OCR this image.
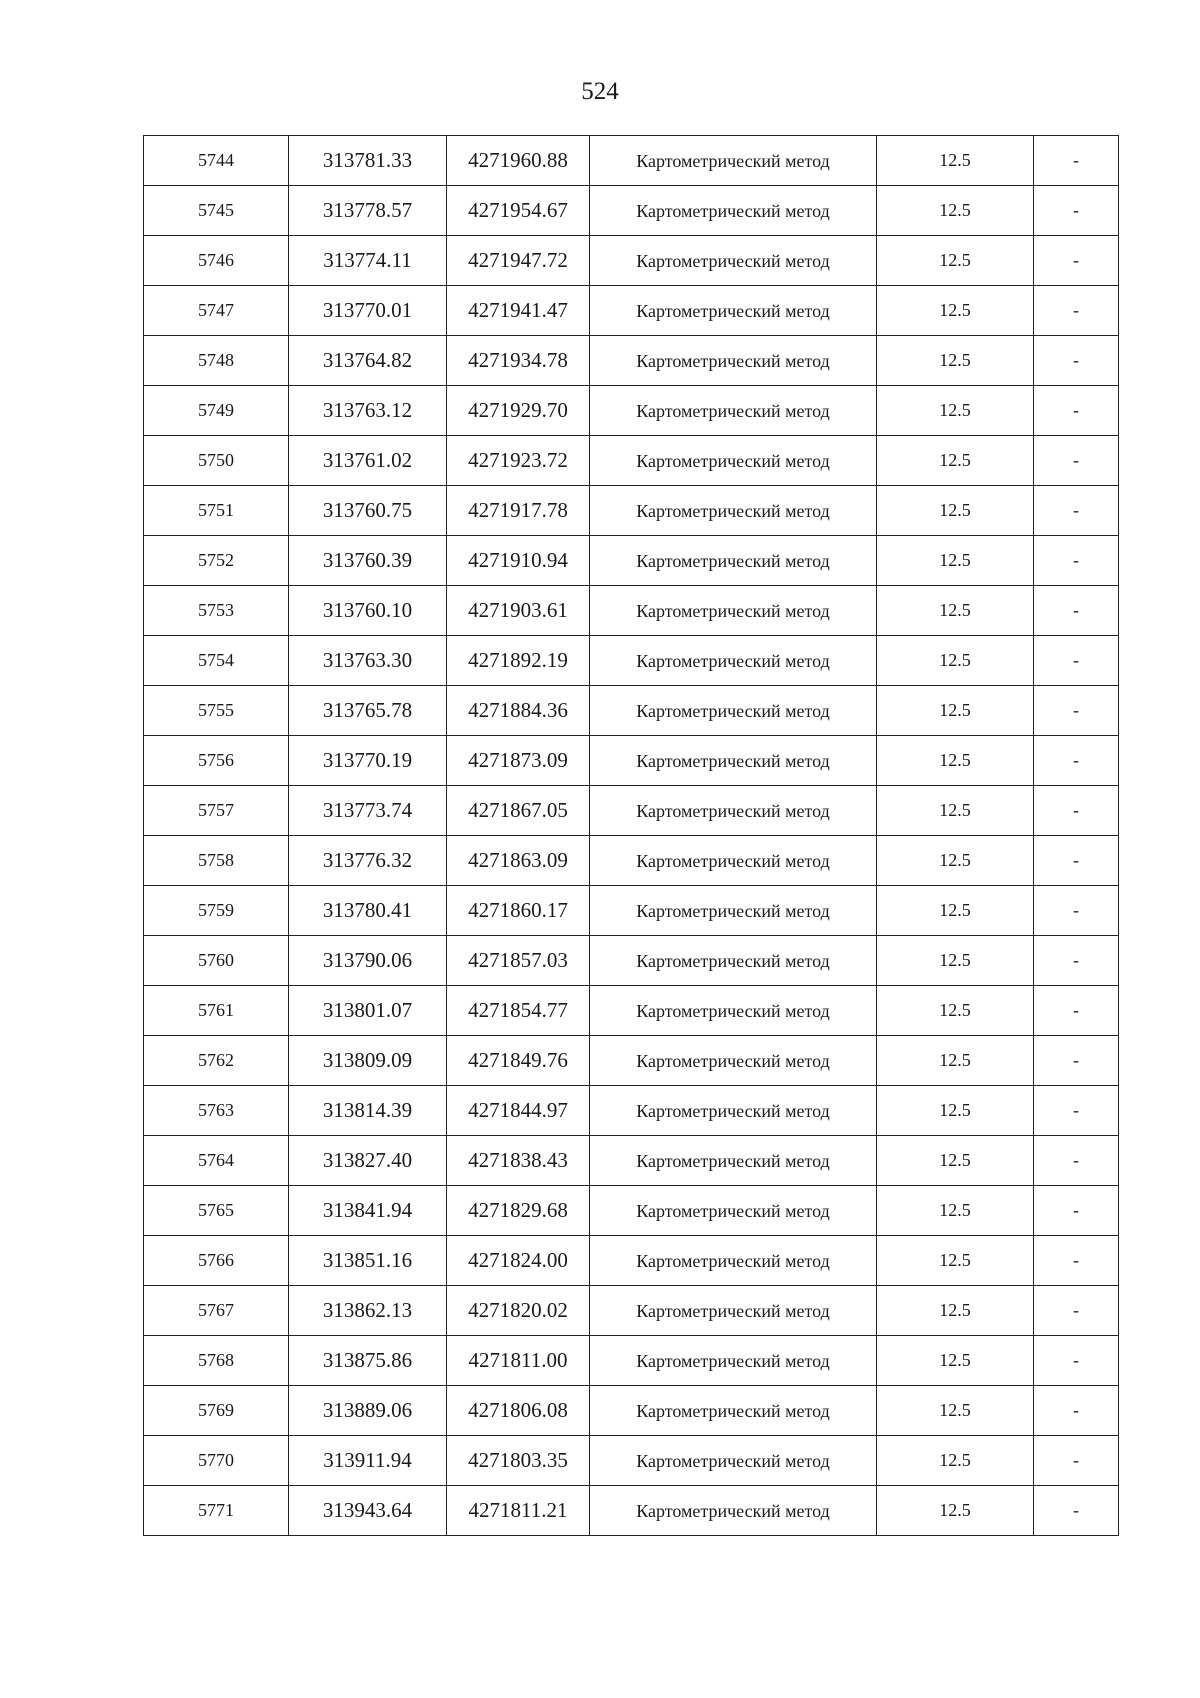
524
5744	313781.33	4271960.88	Картометрический метод	12.5	-
5745	313778.57	4271954.67	Картометрический метод	12.5	-
5746	313774.11	4271947.72	Картометрический метод	12.5	-
5747	313770.01	4271941.47	Картометрический метод	12.5	-
5748	313764.82	4271934.78	Картометрический метод	12.5	-
5749	313763.12	4271929.70	Картометрический метод	12.5	-
5750	313761.02	4271923.72	Картометрический метод	12.5	-
5751	313760.75	4271917.78	Картометрический метод	12.5	-
5752	313760.39	4271910.94	Картометрический метод	12.5	-
5753	313760.10	4271903.61	Картометрический метод	12.5	-
5754	313763.30	4271892.19	Картометрический метод	12.5	-
5755	313765.78	4271884.36	Картометрический метод	12.5	-
5756	313770.19	4271873.09	Картометрический метод	12.5	-
5757	313773.74	4271867.05	Картометрический метод	12.5	-
5758	313776.32	4271863.09	Картометрический метод	12.5	-
5759	313780.41	4271860.17	Картометрический метод	12.5	-
5760	313790.06	4271857.03	Картометрический метод	12.5	-
5761	313801.07	4271854.77	Картометрический метод	12.5	-
5762	313809.09	4271849.76	Картометрический метод	12.5	-
5763	313814.39	4271844.97	Картометрический метод	12.5	-
5764	313827.40	4271838.43	Картометрический метод	12.5	-
5765	313841.94	4271829.68	Картометрический метод	12.5	-
5766	313851.16	4271824.00	Картометрический метод	12.5	-
5767	313862.13	4271820.02	Картометрический метод	12.5	-
5768	313875.86	4271811.00	Картометрический метод	12.5	-
5769	313889.06	4271806.08	Картометрический метод	12.5	-
5770	313911.94	4271803.35	Картометрический метод	12.5	-
5771	313943.64	4271811.21	Картометрический метод	12.5	-
